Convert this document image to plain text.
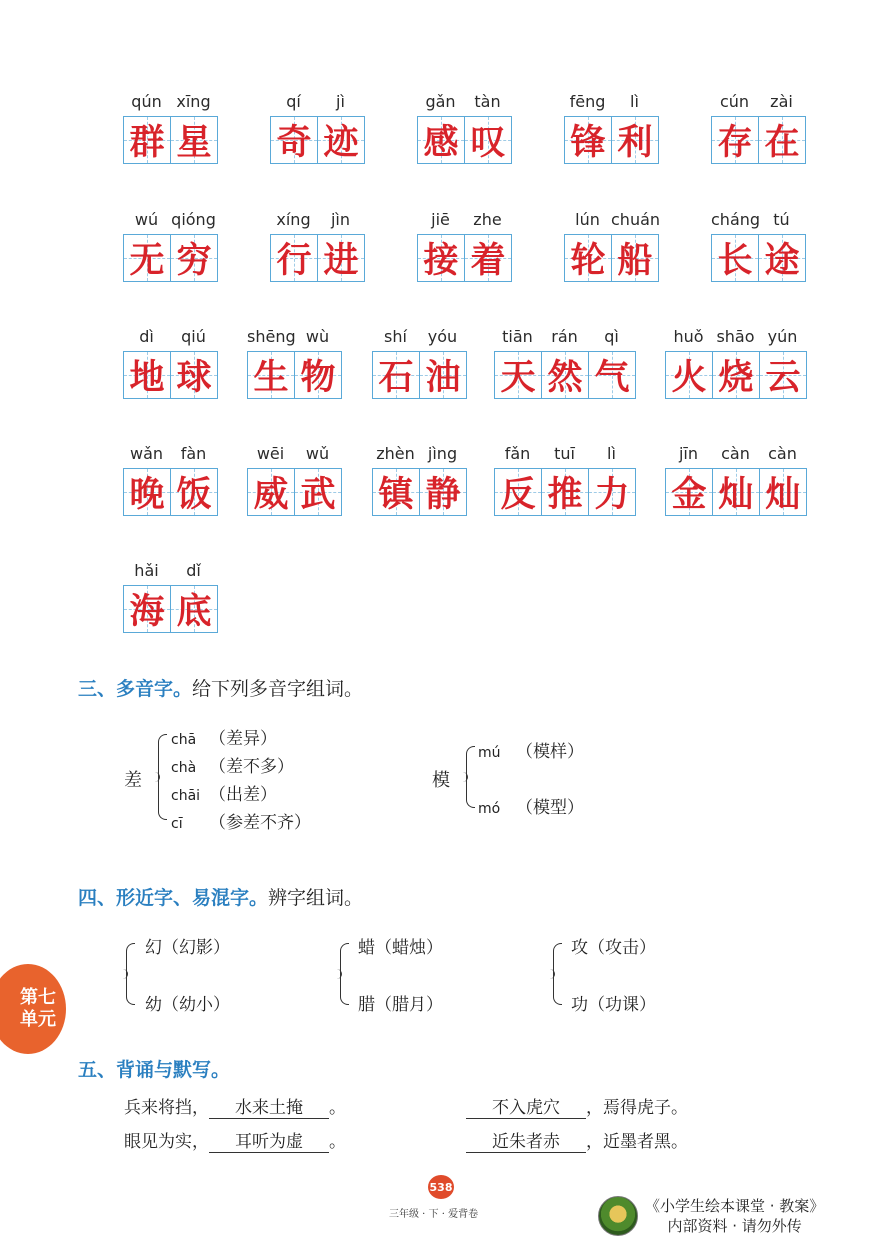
qún xīng
群 星
qí	jì
奇 迹
gǎn	tàn
感 叹
fēng	lì
锋 利
cún	zài
存 在
wú qióng
无 穷
xíng	jìn
行 进
jiē	zhe
接 着
lún chuán
轮 船
cháng tú
长 途
dì	qiú
地 球
shēng wù
生 物
shí	yóu
石 油
tiān	rán	qì
天 然 气
huǒ shāo yún
火 烧 云
wǎn	fàn
晚 饭
wēi	wǔ
威 武
zhèn jìng
镇 静
fǎn	tuī	lì
反 推 力
jīn	càn	càn
金 灿 灿
hǎi	dǐ
海 底
三、多音字。给下列多音字组词。
差
chā （差异）
chà （差不多）
chāi （出差）
cī （参差不齐）
模
mú （模样）
mó （模型）
四、形近字、易混字。辨字组词。
幻（幻影）
幼（幼小）
蜡（蜡烛）
腊（腊月）
攻（攻击）
功（功课）
第七
单元
五、背诵与默写。
兵来将挡， 水来土掩 。	不入虎穴 ，焉得虎子。
眼见为实， 耳听为虚 。	近朱者赤 ，近墨者黑。
538
三年级 · 下 · 爱背卷	《小学生绘本课堂 · 教案》
内部资料 · 请勿外传
